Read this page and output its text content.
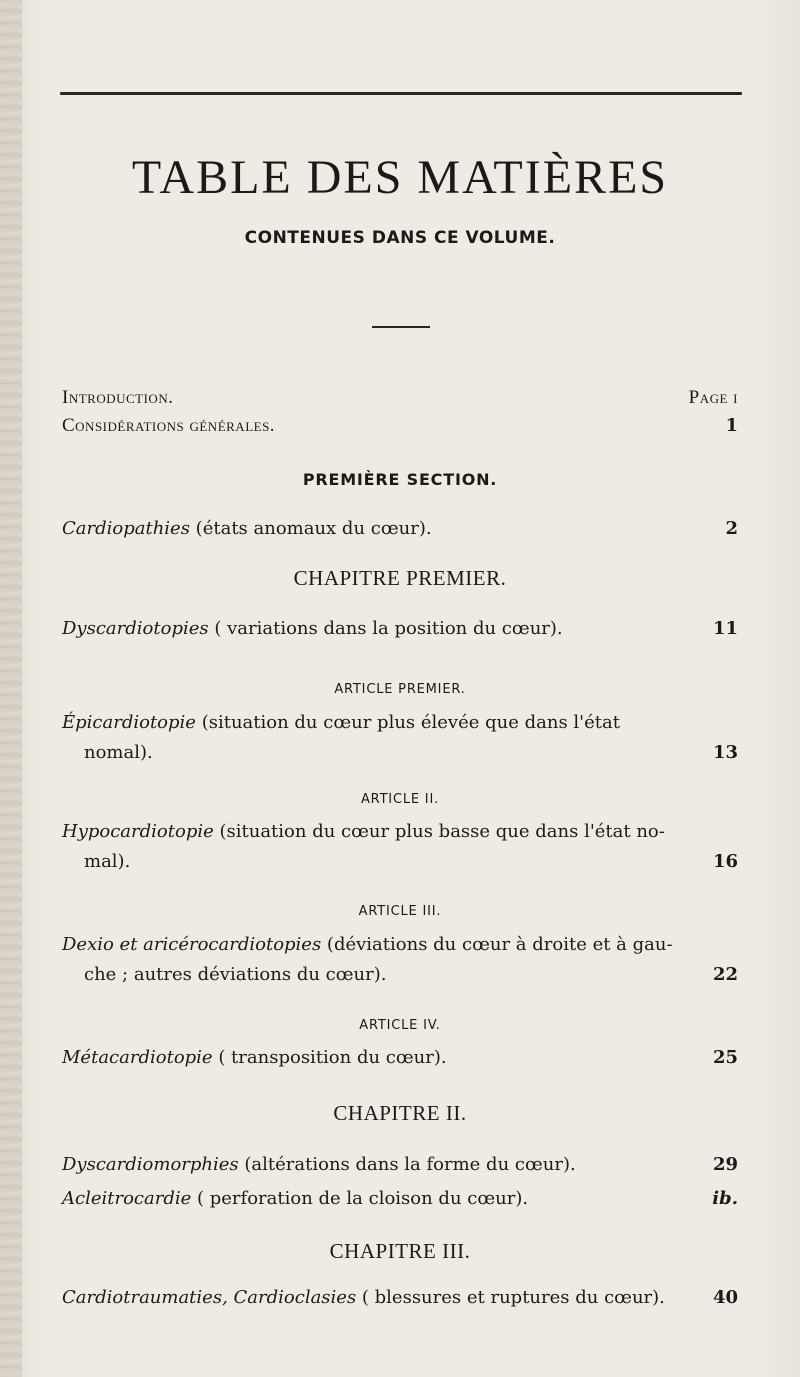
TABLE DES MATIÈRES
CONTENUES DANS CE VOLUME.
Introduction.	Page i
Considérations générales.	1
PREMIÈRE SECTION.
Cardiopathies (états anomaux du cœur).	2
CHAPITRE PREMIER.
Dyscardiotopies ( variations dans la position du cœur).	11
ARTICLE PREMIER.
Épicardiotopie (situation du cœur plus élevée que dans l'état
nomal).	13
ARTICLE II.
Hypocardiotopie (situation du cœur plus basse que dans l'état no-
mal).	16
ARTICLE III.
Dexio et aricérocardiotopies (déviations du cœur à droite et à gau-
che ; autres déviations du cœur).	22
ARTICLE IV.
Métacardiotopie ( transposition du cœur).	25
CHAPITRE II.
Dyscardiomorphies (altérations dans la forme du cœur).	29
Acleitrocardie ( perforation de la cloison du cœur).	ib.
CHAPITRE III.
Cardiotraumaties, Cardioclasies ( blessures et ruptures du cœur).	40
